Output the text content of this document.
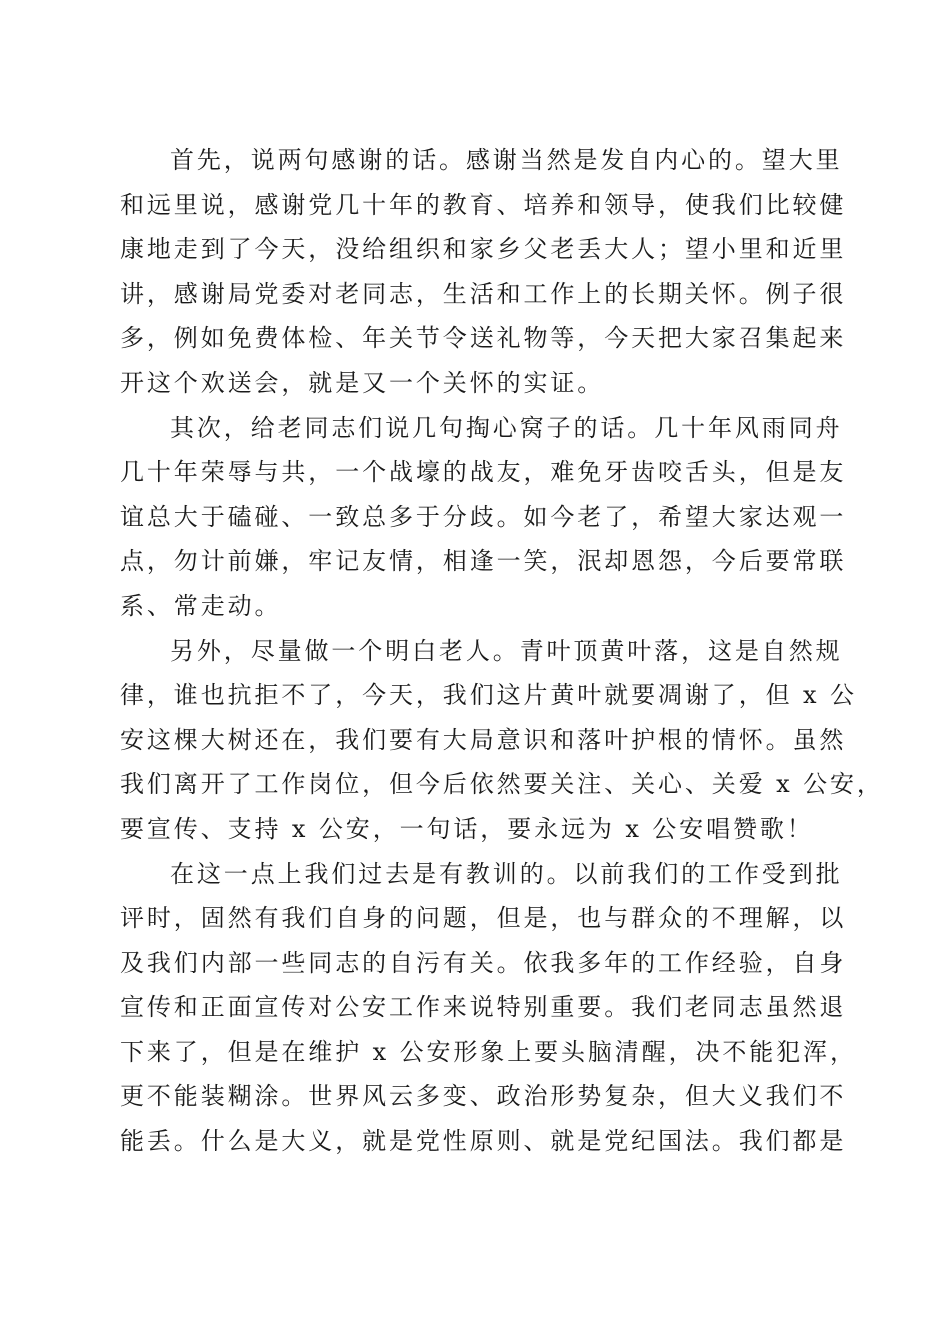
首先，说两句感谢的话。感谢当然是发自内心的。望大里
和远里说，感谢党几十年的教育、培养和领导，使我们比较健
康地走到了今天，没给组织和家乡父老丢大人；望小里和近里
讲，感谢局党委对老同志，生活和工作上的长期关怀。例子很
多，例如免费体检、年关节令送礼物等，今天把大家召集起来
开这个欢送会，就是又一个关怀的实证。
其次，给老同志们说几句掏心窝子的话。几十年风雨同舟
几十年荣辱与共，一个战壕的战友，难免牙齿咬舌头，但是友
谊总大于磕碰、一致总多于分歧。如今老了，希望大家达观一
点，勿计前嫌，牢记友情，相逢一笑，泯却恩怨，今后要常联
系、常走动。
另外，尽量做一个明白老人。青叶顶黄叶落，这是自然规
律，谁也抗拒不了，今天，我们这片黄叶就要凋谢了，但 x 公
安这棵大树还在，我们要有大局意识和落叶护根的情怀。虽然
我们离开了工作岗位，但今后依然要关注、关心、关爱 x 公安，
要宣传、支持 x 公安，一句话，要永远为 x 公安唱赞歌！
在这一点上我们过去是有教训的。以前我们的工作受到批
评时，固然有我们自身的问题，但是，也与群众的不理解，以
及我们内部一些同志的自污有关。依我多年的工作经验，自身
宣传和正面宣传对公安工作来说特别重要。我们老同志虽然退
下来了，但是在维护 x 公安形象上要头脑清醒，决不能犯浑，
更不能装糊涂。世界风云多变、政治形势复杂，但大义我们不
能丢。什么是大义，就是党性原则、就是党纪国法。我们都是
